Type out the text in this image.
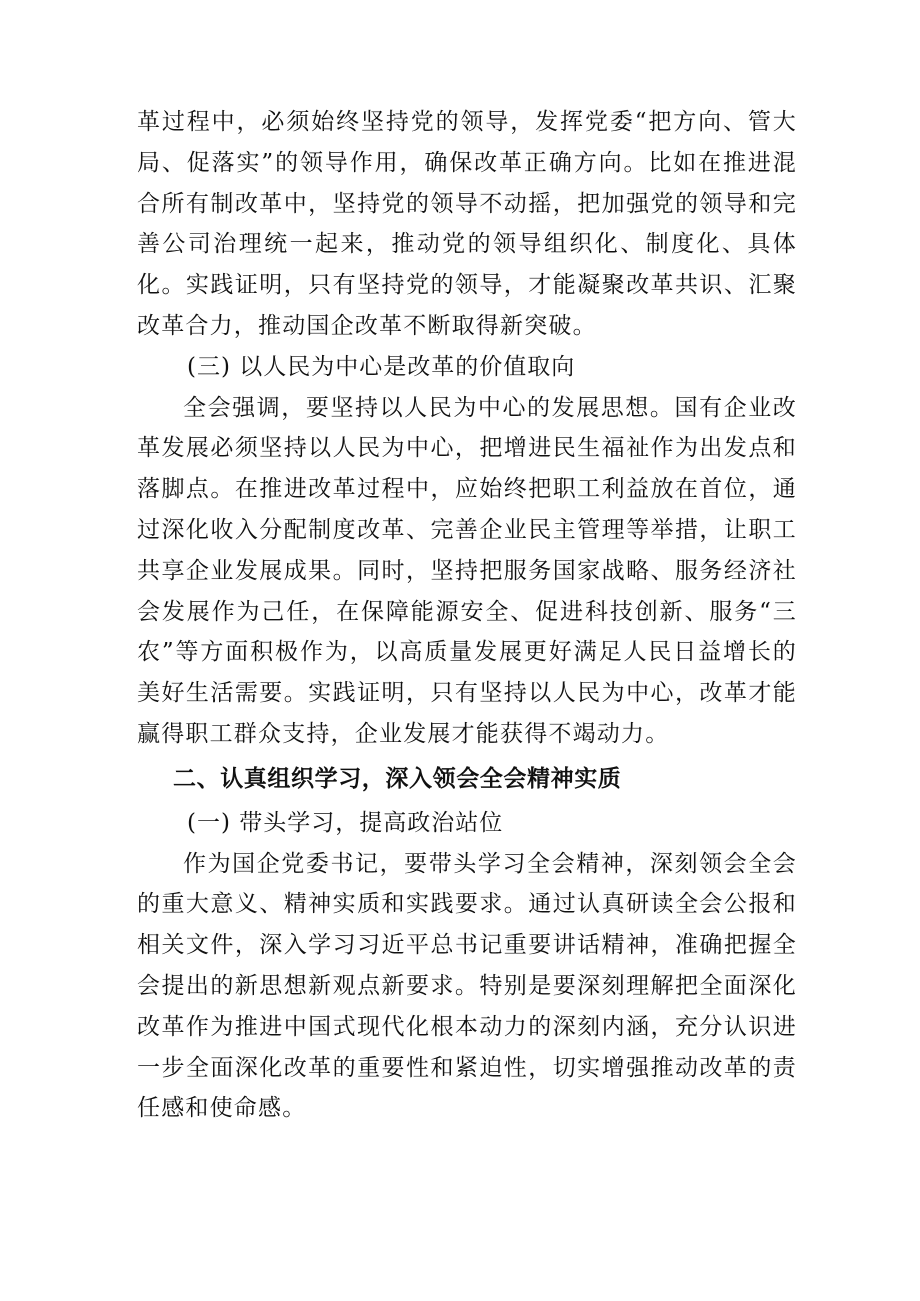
革过程中，必须始终坚持党的领导，发挥党委“把方向、管大局、促落实”的领导作用，确保改革正确方向。比如在推进混合所有制改革中，坚持党的领导不动摇，把加强党的领导和完善公司治理统一起来，推动党的领导组织化、制度化、具体化。实践证明，只有坚持党的领导，才能凝聚改革共识、汇聚改革合力，推动国企改革不断取得新突破。

(三) 以人民为中心是改革的价值取向

全会强调，要坚持以人民为中心的发展思想。国有企业改革发展必须坚持以人民为中心，把增进民生福祉作为出发点和落脚点。在推进改革过程中，应始终把职工利益放在首位，通过深化收入分配制度改革、完善企业民主管理等举措，让职工共享企业发展成果。同时，坚持把服务国家战略、服务经济社会发展作为己任，在保障能源安全、促进科技创新、服务“三农”等方面积极作为，以高质量发展更好满足人民日益增长的美好生活需要。实践证明，只有坚持以人民为中心，改革才能赢得职工群众支持，企业发展才能获得不竭动力。

二、认真组织学习，深入领会全会精神实质

(一) 带头学习，提高政治站位

作为国企党委书记，要带头学习全会精神，深刻领会全会的重大意义、精神实质和实践要求。通过认真研读全会公报和相关文件，深入学习习近平总书记重要讲话精神，准确把握全会提出的新思想新观点新要求。特别是要深刻理解把全面深化改革作为推进中国式现代化根本动力的深刻内涵，充分认识进一步全面深化改革的重要性和紧迫性，切实增强推动改革的责任感和使命感。
